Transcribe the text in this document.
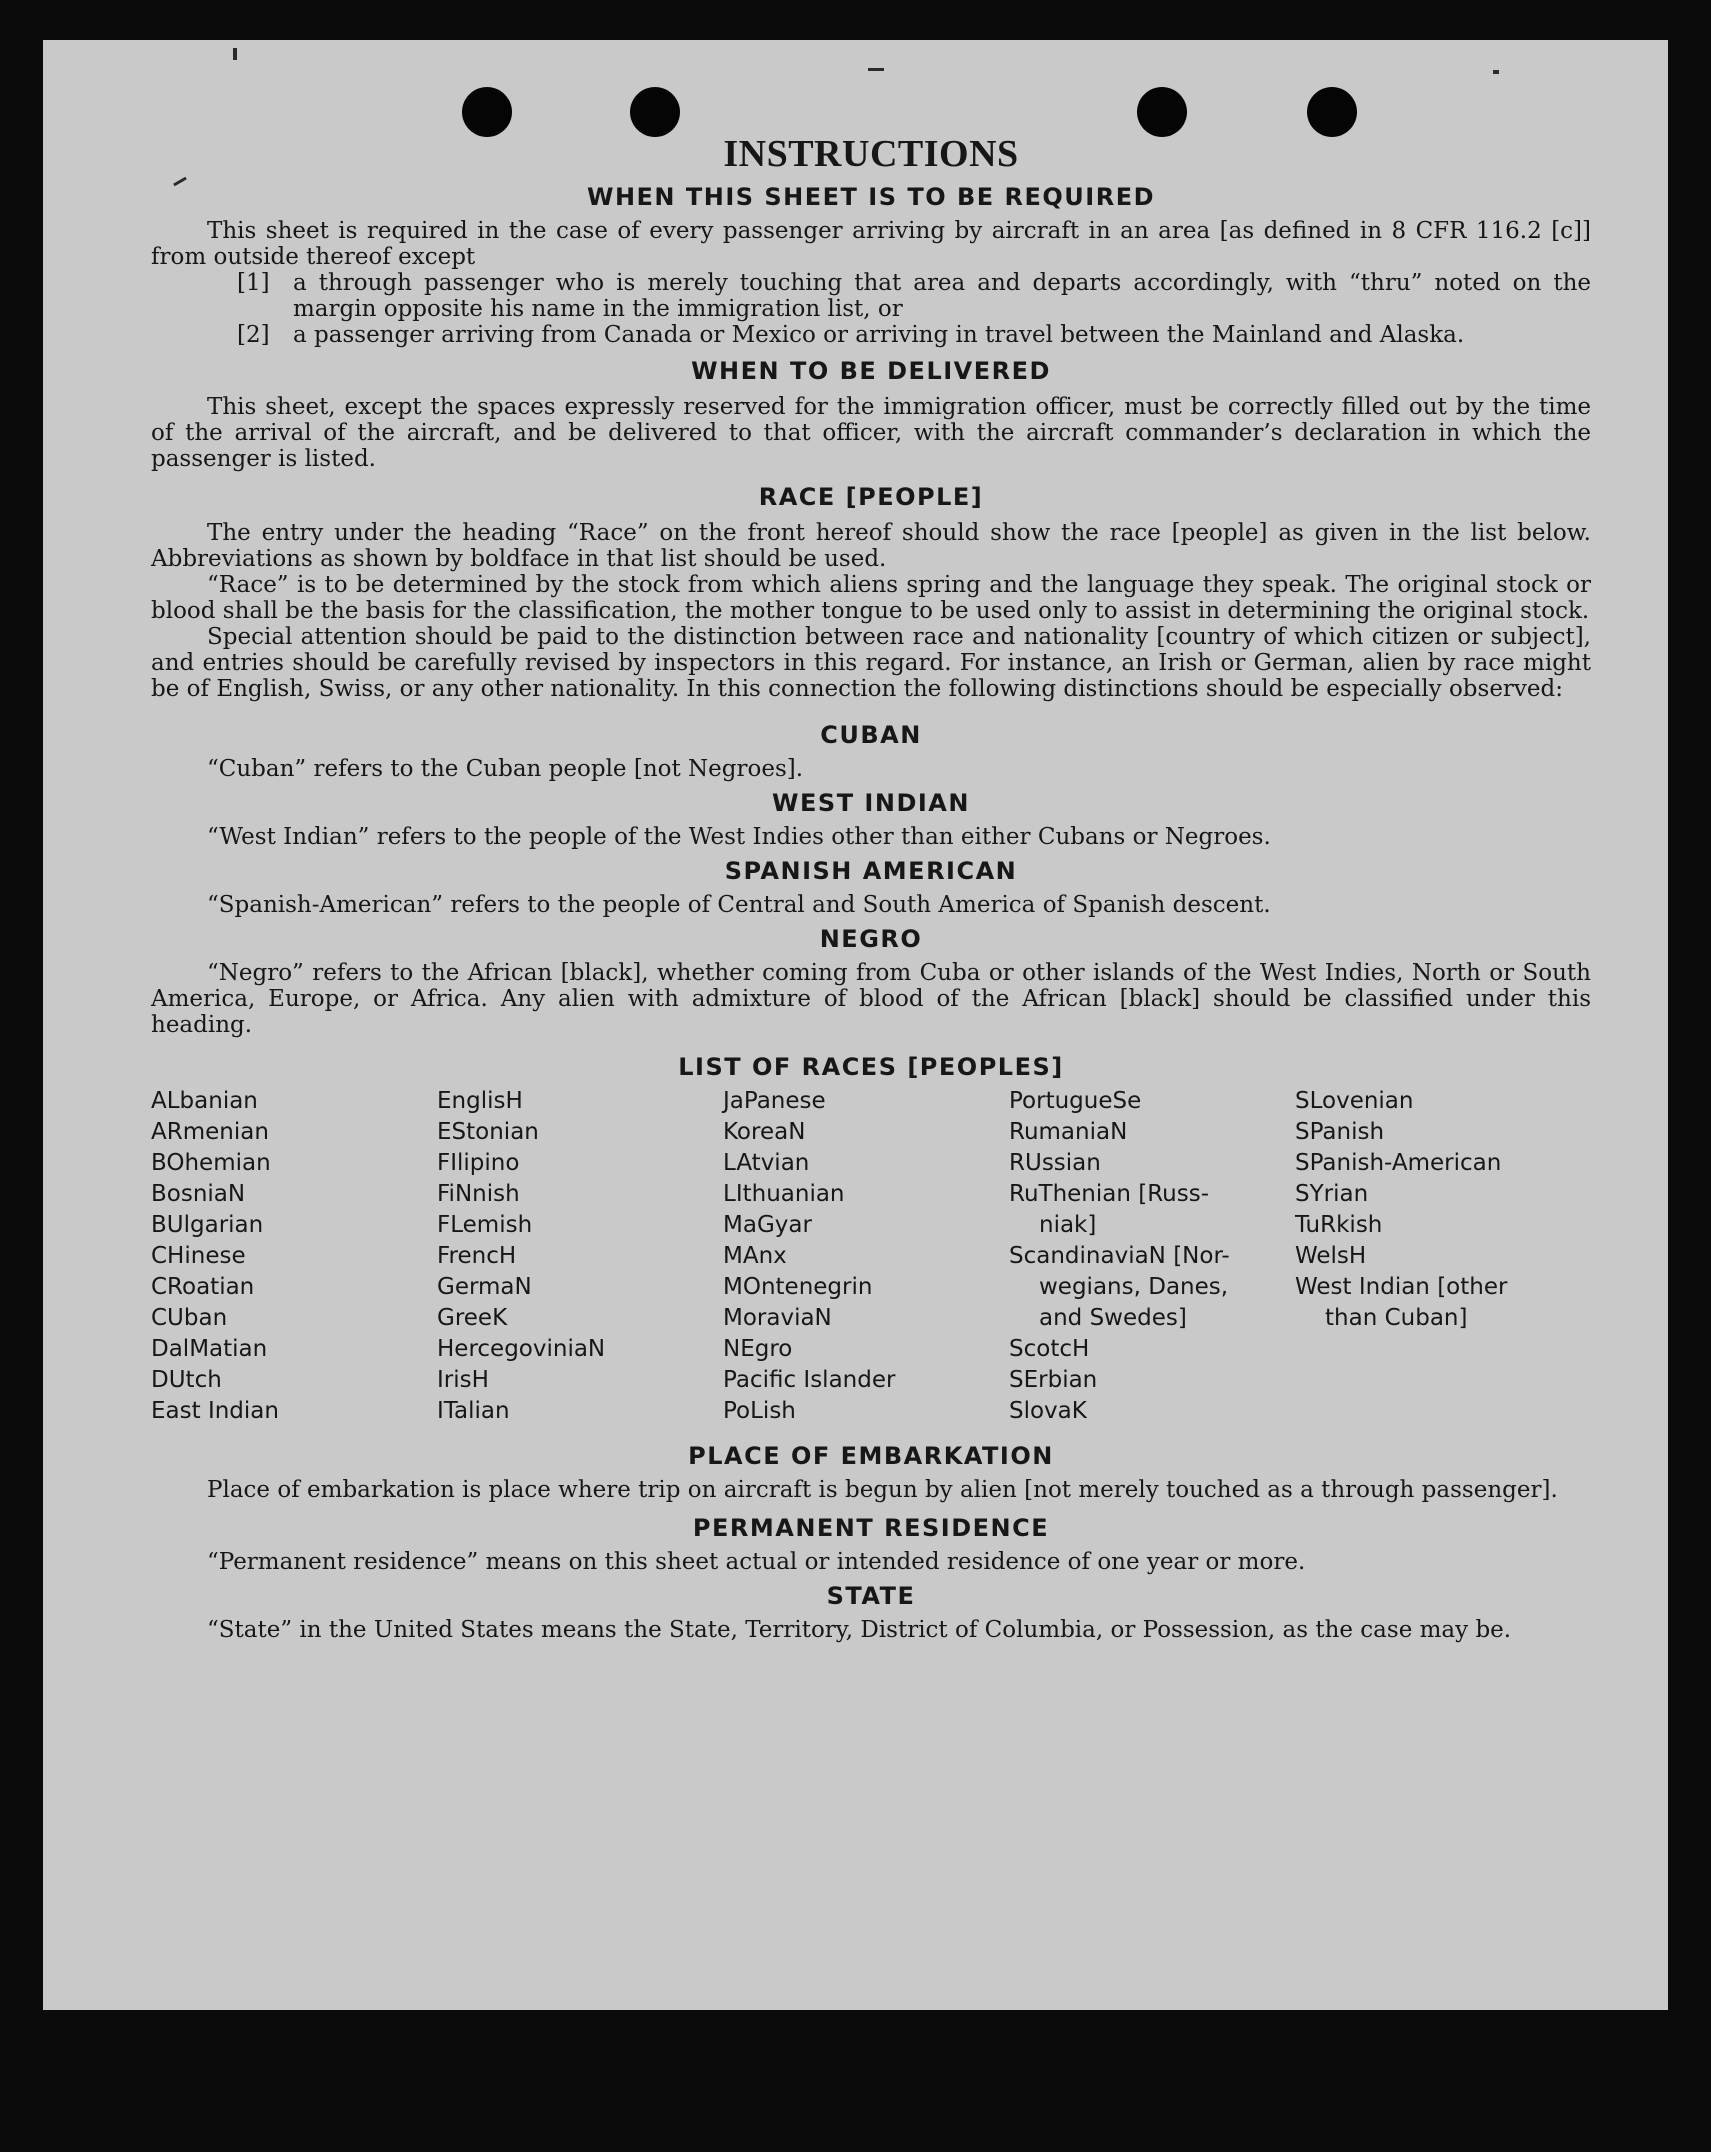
INSTRUCTIONS
WHEN THIS SHEET IS TO BE REQUIRED

This sheet is required in the case of every passenger arriving by aircraft in an area [as defined in 8 CFR 116.2 [c]] from outside thereof except

[1]	a through passenger who is merely touching that area and departs accordingly, with “thru” noted on the margin opposite his name in the immigration list, or
[2]	a passenger arriving from Canada or Mexico or arriving in travel between the Mainland and Alaska.
WHEN TO BE DELIVERED

This sheet, except the spaces expressly reserved for the immigration officer, must be correctly filled out by the time of the arrival of the aircraft, and be delivered to that officer, with the aircraft commander’s declaration in which the passenger is listed.

RACE [PEOPLE]

The entry under the heading “Race” on the front hereof should show the race [people] as given in the list below. Abbreviations as shown by boldface in that list should be used.

“Race” is to be determined by the stock from which aliens spring and the language they speak. The original stock or blood shall be the basis for the classification, the mother tongue to be used only to assist in determining the original stock.

Special attention should be paid to the distinction between race and nationality [country of which citizen or subject], and entries should be carefully revised by inspectors in this regard. For instance, an Irish or German, alien by race might be of English, Swiss, or any other nationality. In this connection the following distinctions should be especially observed:

CUBAN

“Cuban” refers to the Cuban people [not Negroes].

WEST INDIAN

“West Indian” refers to the people of the West Indies other than either Cubans or Negroes.

SPANISH AMERICAN

“Spanish-American” refers to the people of Central and South America of Spanish descent.

NEGRO

“Negro” refers to the African [black], whether coming from Cuba or other islands of the West Indies, North or South America, Europe, or Africa. Any alien with admixture of blood of the African [black] should be classified under this heading.

LIST OF RACES [PEOPLES]
ALbanian
ARmenian
BOhemian
BosniaN
BUlgarian
CHinese
CRoatian
CUban
DalMatian
DUtch
East Indian
EnglisH
EStonian
FIlipino
FiNnish
FLemish
FrencH
GermaN
GreeK
HercegoviniaN
IrisH
ITalian
JaPanese
KoreaN
LAtvian
LIthuanian
MaGyar
MAnx
MOntenegrin
MoraviaN
NEgro
Pacific Islander
PoLish
PortugueSe
RumaniaN
RUssian
RuThenian [Russ-
niak]
ScandinaviaN [Nor-
wegians, Danes,
and Swedes]
ScotcH
SErbian
SlovaK
SLovenian
SPanish
SPanish-American
SYrian
TuRkish
WelsH
West Indian [other
than Cuban]
PLACE OF EMBARKATION

Place of embarkation is place where trip on aircraft is begun by alien [not merely touched as a through passenger].

PERMANENT RESIDENCE

“Permanent residence” means on this sheet actual or intended residence of one year or more.

STATE

“State” in the United States means the State, Territory, District of Columbia, or Possession, as the case may be.
